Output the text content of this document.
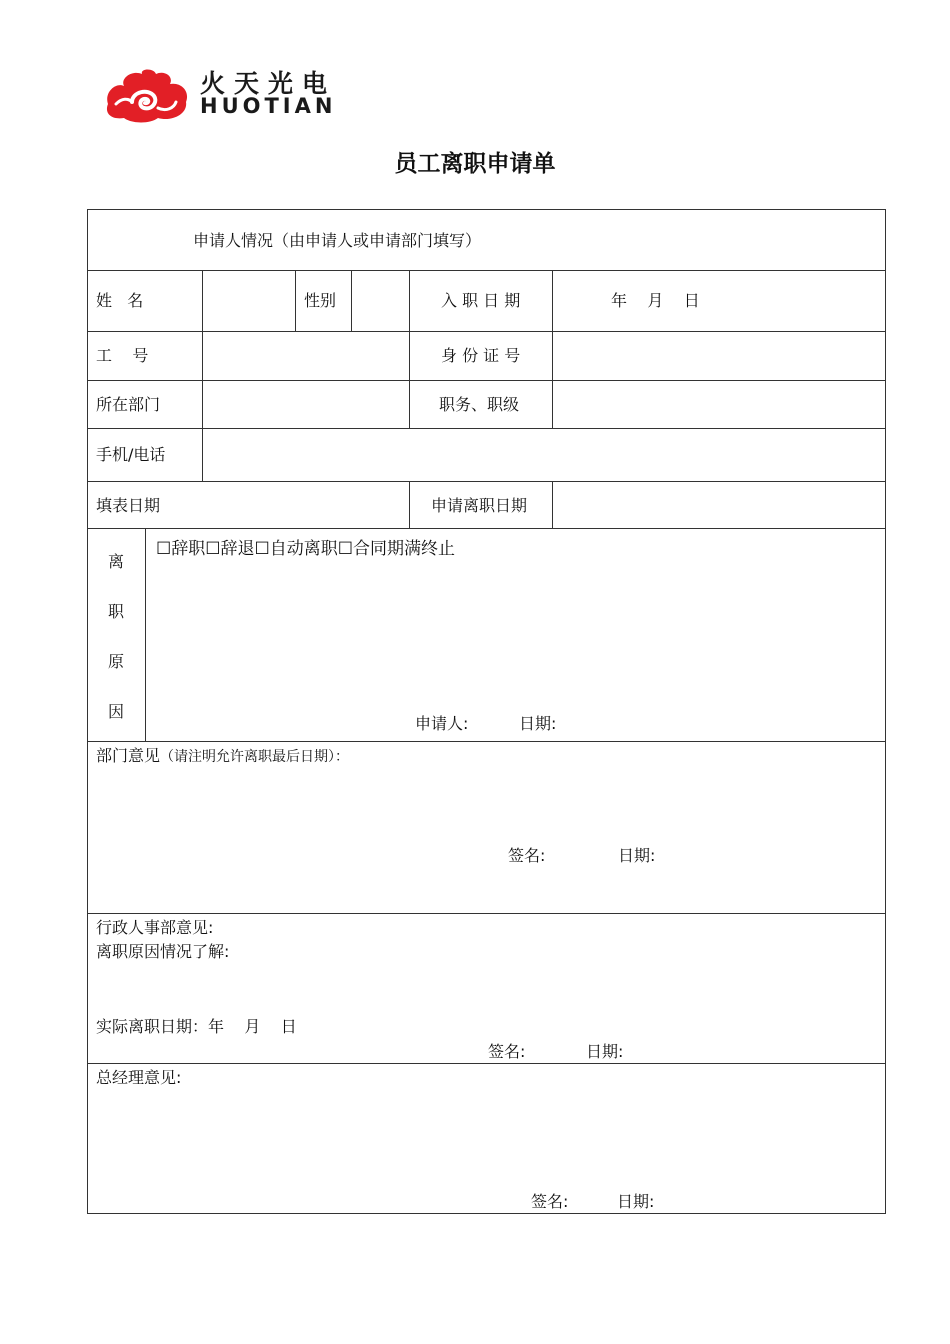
火天光电
HUOTIAN
员工离职申请单
申请人情况（由申请人或申请部门填写）
姓   名	性别	入 职 日 期	年    月    日
工    号	身 份 证 号
所在部门	职务、职级
手机/电话
填表日期	申请离职日期
离
职
原
因
☐辞职☐辞退☐自动离职☐合同期满终止
申请人:	日期:
部门意见（请注明允许离职最后日期）：
签名:	日期:
行政人事部意见:
离职原因情况了解:
实际离职日期：年    月    日
签名:	日期:
总经理意见:
签名:	日期:
